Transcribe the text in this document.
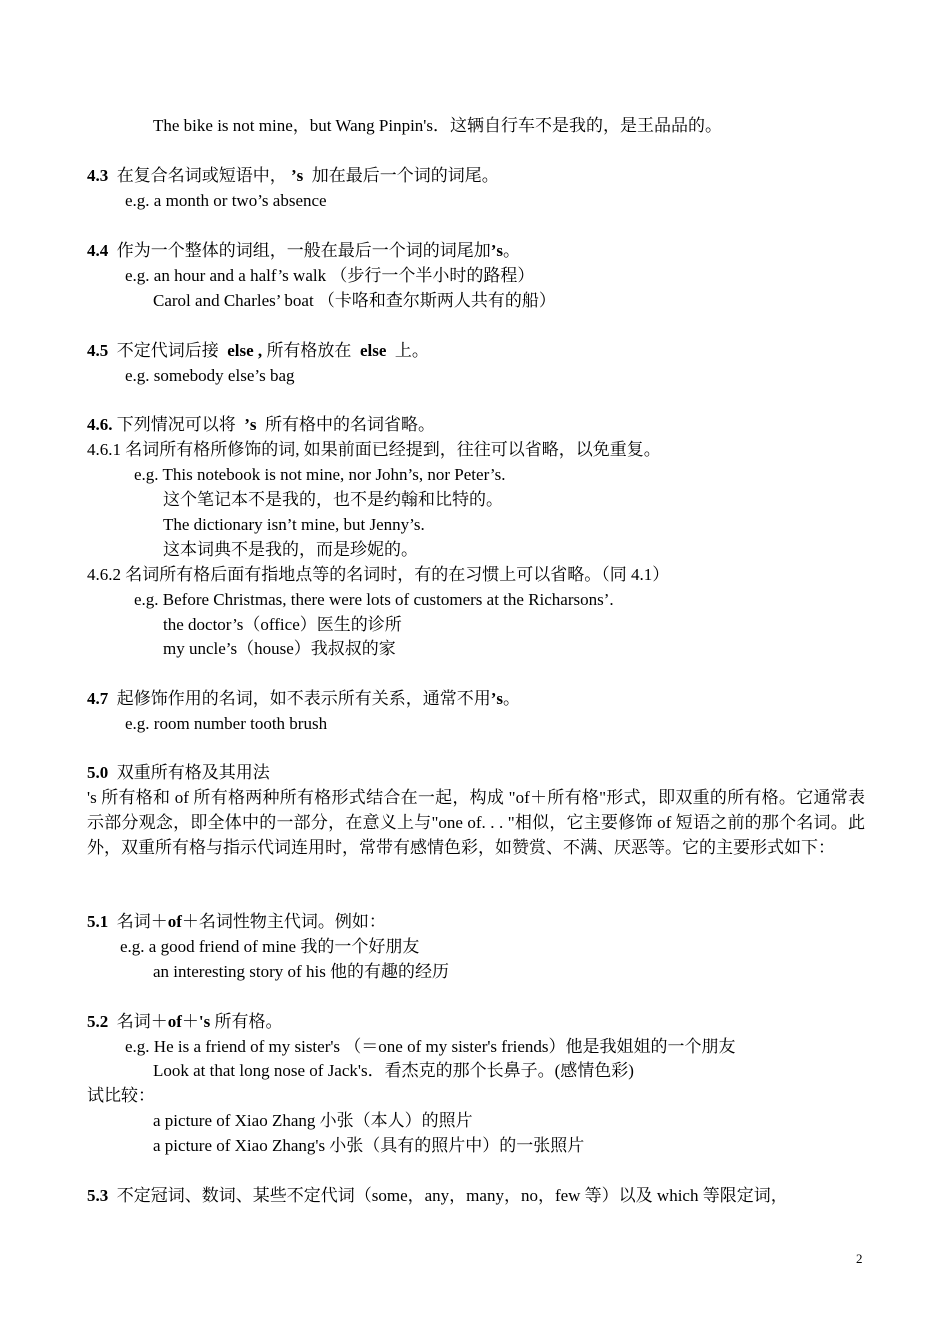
The bike is not mine，but Wang Pinpin's．这辆自行车不是我的，是王品品的。
4.3 在复合名词或短语中， ’s 加在最后一个词的词尾。
e.g. a month or two’s absence
4.4 作为一个整体的词组，一般在最后一个词的词尾加’s。
e.g. an hour and a half’s walk （步行一个半小时的路程）
Carol and Charles’ boat （卡咯和查尔斯两人共有的船）
4.5 不定代词后接 else , 所有格放在 else 上。
e.g. somebody else’s bag
4.6. 下列情况可以将 ’s 所有格中的名词省略。
4.6.1 名词所有格所修饰的词, 如果前面已经提到，往往可以省略，以免重复。
e.g. This notebook is not mine, nor John’s, nor Peter’s.
这个笔记本不是我的，也不是约翰和比特的。
The dictionary isn’t mine, but Jenny’s.
这本词典不是我的，而是珍妮的。
4.6.2 名词所有格后面有指地点等的名词时，有的在习惯上可以省略。（同 4.1）
e.g. Before Christmas, there were lots of customers at the Richarsons’.
the doctor’s（office）医生的诊所
my uncle’s（house）我叔叔的家
4.7 起修饰作用的名词，如不表示所有关系，通常不用’s。
e.g. room number tooth brush
5.0 双重所有格及其用法
's 所有格和 of 所有格两种所有格形式结合在一起，构成 "of＋所有格"形式，即双重的所有格。它通常表示部分观念，即全体中的一部分，在意义上与"one of. . . "相似，它主要修饰 of 短语之前的那个名词。此外，双重所有格与指示代词连用时，常带有感情色彩，如赞赏、不满、厌恶等。它的主要形式如下：
5.1 名词＋of＋名词性物主代词。例如：
e.g. a good friend of mine 我的一个好朋友
an interesting story of his 他的有趣的经历
5.2 名词＋of＋'s 所有格。
e.g. He is a friend of my sister's （＝one of my sister's friends）他是我姐姐的一个朋友
Look at that long nose of Jack's．看杰克的那个长鼻子。(感情色彩)
试比较：
a picture of Xiao Zhang 小张（本人）的照片
a picture of Xiao Zhang's 小张（具有的照片中）的一张照片
5.3 不定冠词、数词、某些不定代词（some，any，many，no，few 等）以及 which 等限定词，
2
